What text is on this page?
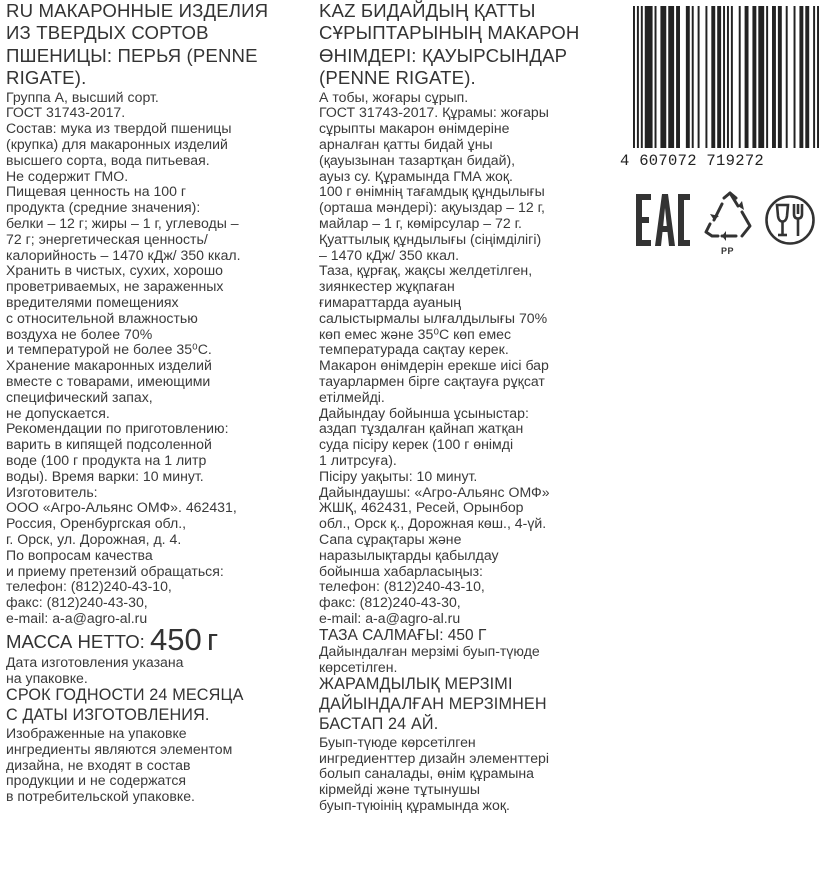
RU МАКАРОННЫЕ ИЗДЕЛИЯ
ИЗ ТВЕРДЫХ СОРТОВ
ПШЕНИЦЫ: ПЕРЬЯ (PENNE
RIGATE).

Группа А, высший сорт.
ГОСТ 31743-2017.
Состав: мука из твердой пшеницы
(крупка) для макаронных изделий
высшего сорта, вода питьевая.
Не содержит ГМО.
Пищевая ценность на 100 г
продукта (средние значения):
белки – 12 г; жиры – 1 г, углеводы –
72 г; энергетическая ценность/
калорийность – 1470 кДж/ 350 ккал.
Хранить в чистых, сухих, хорошо
проветриваемых, не зараженных
вредителями помещениях
с относительной влажностью
воздуха не более 70%
и температурой не более 35⁰С.
Хранение макаронных изделий
вместе с товарами, имеющими
специфический запах,
не допускается.
Рекомендации по приготовлению:
варить в кипящей подсоленной
воде (100 г продукта на 1 литр
воды). Время варки: 10 минут.
Изготовитель:
ООО «Агро-Альянс ОМФ». 462431,
Россия, Оренбургская обл.,
г. Орск, ул. Дорожная, д. 4.
По вопросам качества
и приему претензий обращаться:
телефон: (812)240-43-10,
факс: (812)240-43-30,
e-mail: a-a@agro-al.ru

МАССА НЕТТО: 450 г

Дата изготовления указана
на упаковке.

СРОК ГОДНОСТИ 24 МЕСЯЦА
С ДАТЫ ИЗГОТОВЛЕНИЯ.

Изображенные на упаковке
ингредиенты являются элементом
дизайна, не входят в состав
продукции и не содержатся
в потребительской упаковке.

KAZ БИДАЙДЫҢ ҚАТТЫ
СҰРЫПТАРЫНЫҢ МАКАРОН
ӨНІМДЕРІ: ҚАУЫРСЫНДАР
(PENNE RIGATE).

А тобы, жоғары сұрып.
ГОСТ 31743-2017. Құрамы: жоғары
сұрыпты макарон өнімдеріне
арналған қатты бидай ұны
(қауызынан тазартқан бидай),
ауыз су. Құрамында ГМА жоқ.
100 г өнімнің тағамдық құндылығы
(орташа мәндері): ақуыздар – 12 г,
майлар – 1 г, көмірсулар – 72 г.
Қуаттылық құндылығы (сіңімділігі)
– 1470 кДж/ 350 ккал.
Таза, құрғақ, жақсы желдетілген,
зиянкестер жұқпаған
ғимараттарда ауаның
салыстырмалы ылғалдылығы 70%
көп емес және 35⁰С көп емес
температурада сақтау керек.
Макарон өнімдерін ерекше иісі бар
тауарлармен бірге сақтауға рұқсат
етілмейді.
Дайындау бойынша ұсыныстар:
аздап тұздалған қайнап жатқан
суда пісіру керек (100 г өнімді
1 литрсуға).
Пісіру уақыты: 10 минут.
Дайындаушы: «Агро-Альянс ОМФ»
ЖШҚ, 462431, Ресей, Орынбор
обл., Орск қ., Дорожная көш., 4-үй.
Сапа сұрақтары және
наразылықтарды қабылдау
бойынша хабарласыңыз:
телефон: (812)240-43-10,
факс: (812)240-43-30,
e-mail: a-a@agro-al.ru

ТАЗА САЛМАҒЫ: 450 Г

Дайындалған мерзімі буып-түюде
көрсетілген.

ЖАРАМДЫЛЫҚ МЕРЗІМІ
ДАЙЫНДАЛҒАН МЕРЗІМНЕН
БАСТАП 24 АЙ.

Буып-түюде көрсетілген
ингредиенттер дизайн элементтері
болып саналады, өнім құрамына
кірмейді және тұтынушы
буып-түюінің құрамында жоқ.

4 607072 719272
PP
